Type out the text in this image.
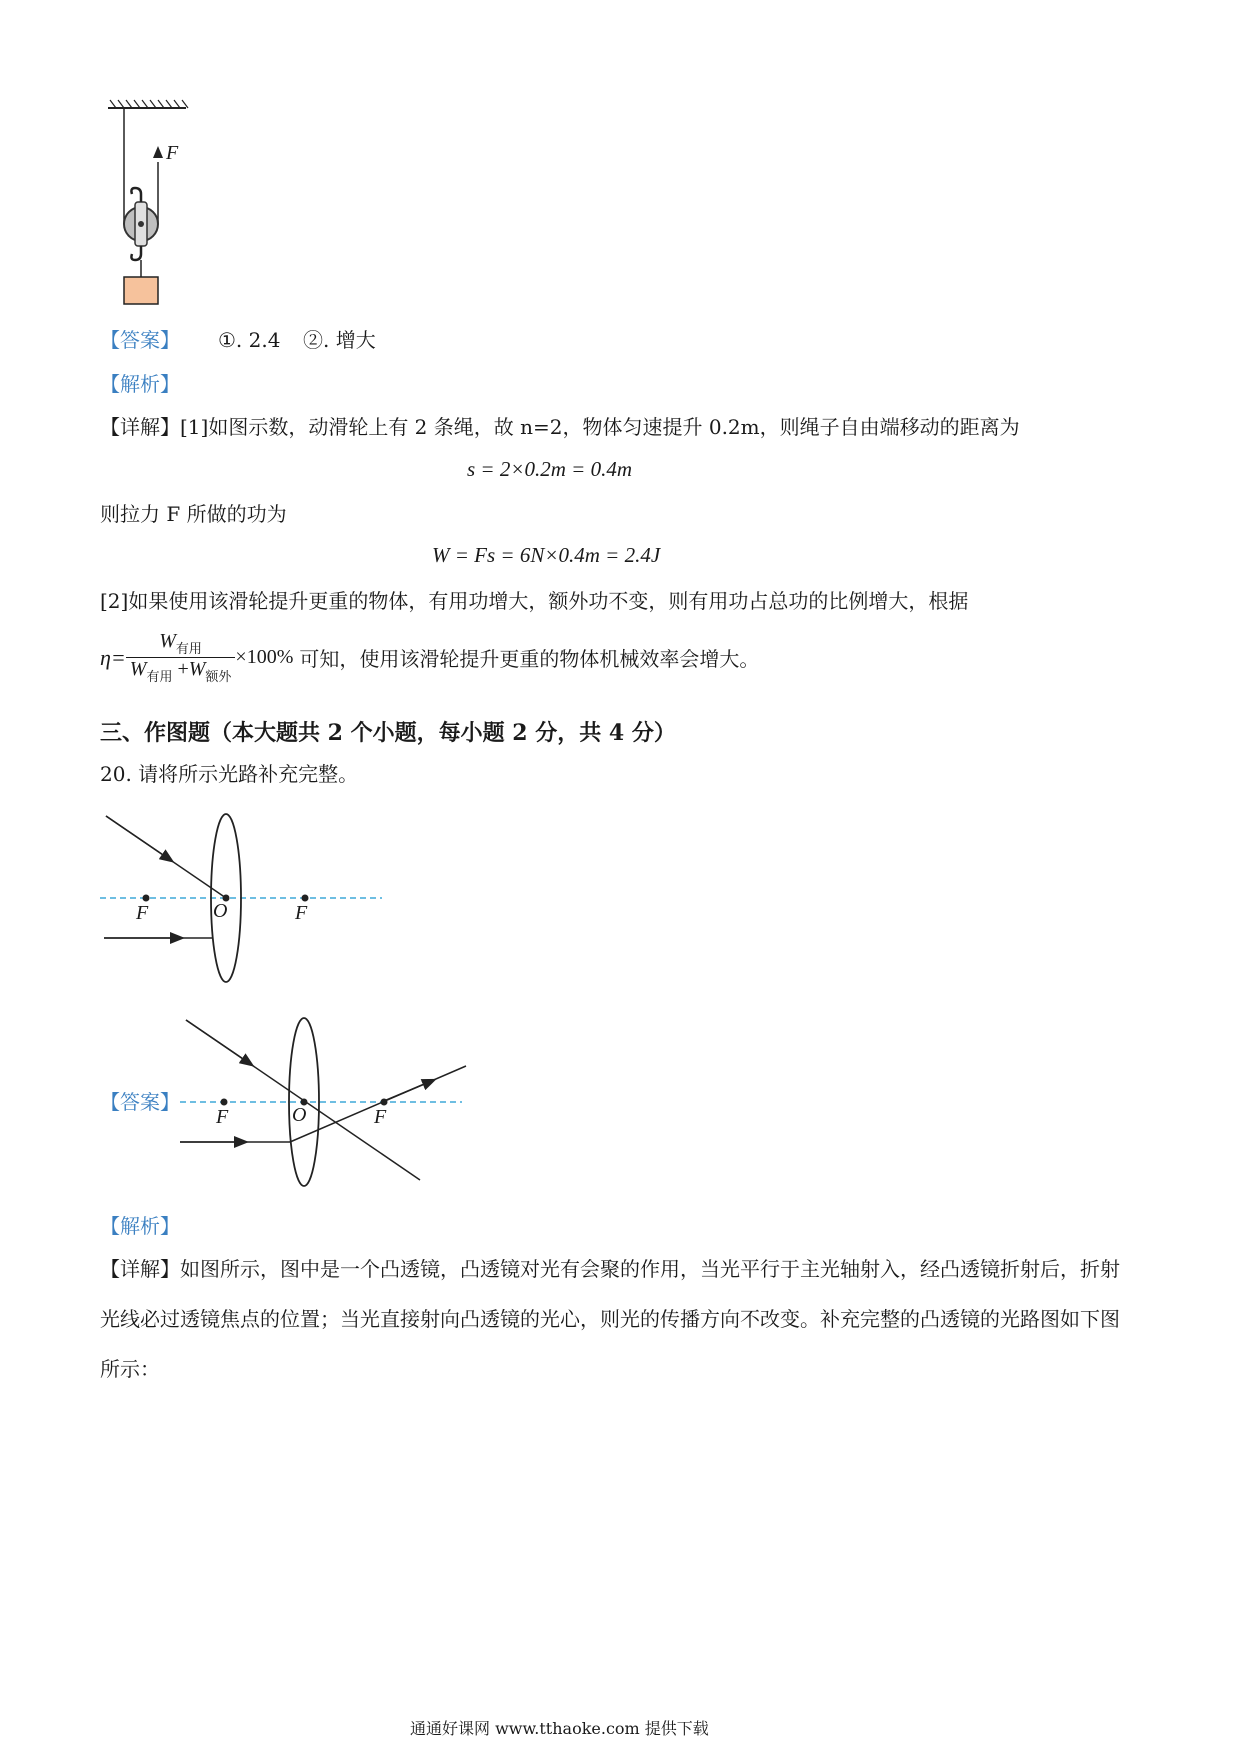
F
【答案】 ①. 2.4 ②. 增大
【解析】
【详解】[1]如图示数，动滑轮上有 2 条绳，故 n=2，物体匀速提升 0.2m，则绳子自由端移动的距离为
s = 2×0.2m = 0.4m
则拉力 F 所做的功为
W = Fs = 6N×0.4m = 2.4J
[2]如果使用该滑轮提升更重的物体，有用功增大，额外功不变，则有用功占总功的比例增大，根据
$\eta= \frac{W_{有用}}{W_{有用} +W_{额外}} \times 100\%$ 可知，使用该滑轮提升更重的物体机械效率会增大。
三、作图题（本大题共 2 个小题，每小题 2 分，共 4 分）
20. 请将所示光路补充完整。
F	O	F
【答案】
F	O	F
【解析】
【详解】如图所示，图中是一个凸透镜，凸透镜对光有会聚的作用，当光平行于主光轴射入，经凸透镜折射后，折射光线必过透镜焦点的位置；当光直接射向凸透镜的光心，则光的传播方向不改变。补充完整的凸透镜的光路图如下图所示：
通通好课网 www.tthaoke.com 提供下载
